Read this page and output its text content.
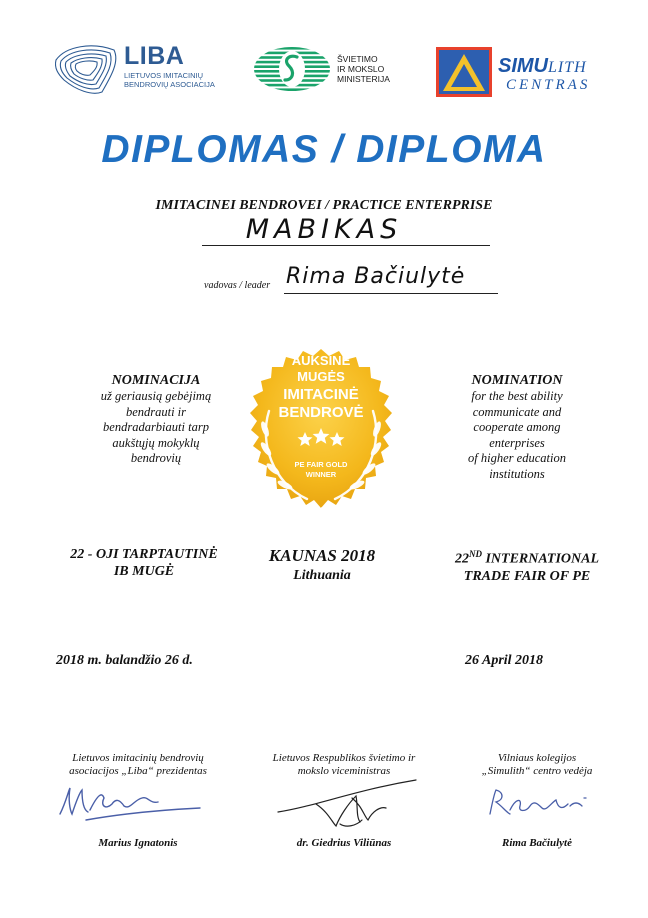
LIBA
LIETUVOS IMITACINIŲ BENDROVIŲ ASOCIACIJA
ŠVIETIMO
IR MOKSLO
MINISTERIJA
SIMULITH
CENTRAS
DIPLOMAS / DIPLOMA
IMITACINEI BENDROVEI / PRACTICE ENTERPRISE
MABIKAS
vadovas / leader Rima Bačiulytė
NOMINACIJA
už geriausią gebėjimą
bendrauti ir
bendradarbiauti tarp
aukštųjų mokyklų
bendrovių
AUKSINĖ
MUGĖS
IMITACINĖ
BENDROVĖ
PE FAIR GOLD
WINNER
LIETUVA 2018
NOMINATION
for the best ability
communicate and
cooperate among
enterprises
of higher education
institutions
22 - OJI TARPTAUTINĖ
IB MUGĖ
KAUNAS 2018
Lithuania
22ND INTERNATIONAL
TRADE FAIR OF PE
2018 m. balandžio 26 d.	26 April 2018
Lietuvos imitacinių bendrovių
asociacijos „Liba“ prezidentas
Lietuvos Respublikos švietimo ir
mokslo viceministras
Vilniaus kolegijos
„Simulith“ centro vedėja
Marius Ignatonis	dr. Giedrius Viliūnas	Rima Bačiulytė
